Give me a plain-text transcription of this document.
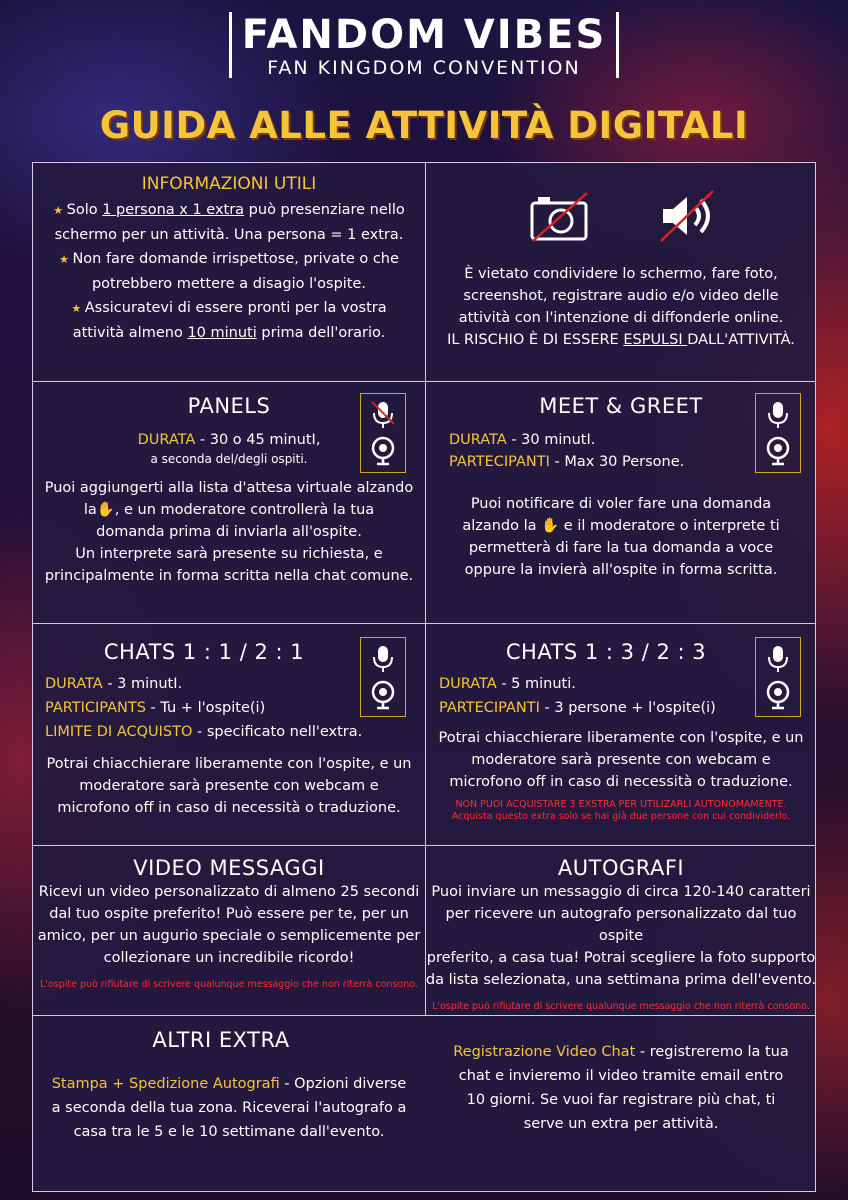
FANDOM VIBES
FAN KINGDOM CONVENTION
GUIDA ALLE ATTIVITÀ DIGITALI
INFORMAZIONI UTILI
★ Solo 1 persona x 1 extra può presenziare nello
schermo per un attività. Una persona = 1 extra.
★ Non fare domande irrispettose, private o che
potrebbero mettere a disagio l'ospite.
★ Assicuratevi di essere pronti per la vostra
attività almeno 10 minuti prima dell'orario.
È vietato condividere lo schermo, fare foto,
screenshot, registrare audio e/o video delle
attività con l'intenzione di diffonderle online.
IL RISCHIO È DI ESSERE ESPULSI DALL'ATTIVITÀ.
PANELS
DURATA - 30 o 45 minutI,
a seconda del/degli ospiti.
Puoi aggiungerti alla lista d'attesa virtuale alzando
la✋, e un moderatore controllerà la tua
domanda prima di inviarla all'ospite.
Un interprete sarà presente su richiesta, e
principalmente in forma scritta nella chat comune.
MEET & GREET
DURATA - 30 minutI.
PARTECIPANTI - Max 30 Persone.
Puoi notificare di voler fare una domanda
alzando la ✋ e il moderatore o interprete ti
permetterà di fare la tua domanda a voce
oppure la invierà all'ospite in forma scritta.
CHATS 1 : 1 / 2 : 1
DURATA - 3 minutI.
PARTICIPANTS - Tu + l'ospite(i)
LIMITE DI ACQUISTO - specificato nell'extra.
Potrai chiacchierare liberamente con l'ospite, e un
moderatore sarà presente con webcam e
microfono off in caso di necessità o traduzione.
CHATS 1 : 3 / 2 : 3
DURATA - 5 minuti.
PARTECIPANTI - 3 persone + l'ospite(i)
Potrai chiacchierare liberamente con l'ospite, e un
moderatore sarà presente con webcam e
microfono off in caso di necessità o traduzione.
NON PUOI ACQUISTARE 3 EXSTRA PER UTILIZARLI AUTONOMAMENTE.
Acquista questo extra solo se hai già due persone con cui condividerlo.
VIDEO MESSAGGI
Ricevi un video personalizzato di almeno 25 secondi
dal tuo ospite preferito! Può essere per te, per un
amico, per un augurio speciale o semplicemente per
collezionare un incredibile ricordo!
L'ospite può rifiutare di scrivere qualunque messaggio che non riterrà consono.
AUTOGRAFI
Puoi inviare un messaggio di circa 120-140 caratteri
per ricevere un autografo personalizzato dal tuo ospite
preferito, a casa tua! Potrai scegliere la foto supporto
da lista selezionata, una settimana prima dell'evento.
L'ospite può rifiutare di scrivere qualunque messaggio che non riterrà consono.
ALTRI EXTRA
Stampa + Spedizione Autografi - Opzioni diverse
a seconda della tua zona. Riceverai l'autografo a
casa tra le 5 e le 10 settimane dall'evento.
Registrazione Video Chat - registreremo la tua
chat e invieremo il video tramite email entro
10 giorni. Se vuoi far registrare più chat, ti
serve un extra per attività.
